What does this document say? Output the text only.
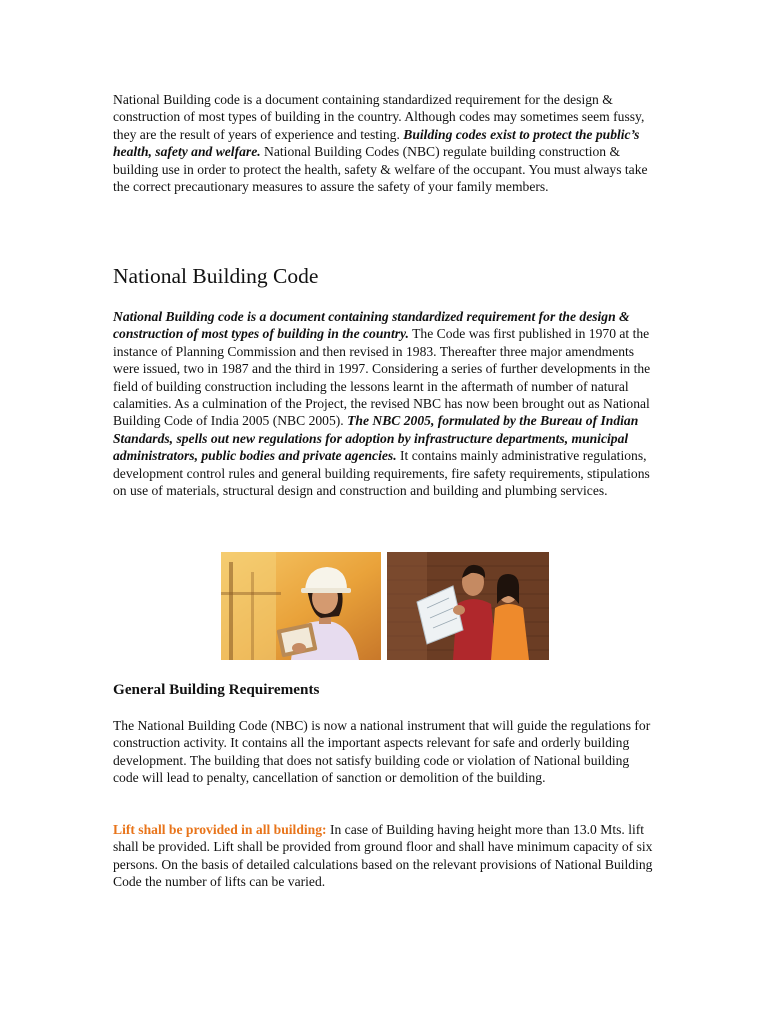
National Building code is a document containing standardized requirement for the design & construction of most types of building in the country. Although codes may sometimes seem fussy, they are the result of years of experience and testing. Building codes exist to protect the public’s health, safety and welfare. National Building Codes (NBC) regulate building construction & building use in order to protect the health, safety & welfare of the occupant. You must always take the correct precautionary measures to assure the safety of your family members.

National Building Code

National Building code is a document containing standardized requirement for the design & construction of most types of building in the country. The Code was first published in 1970 at the instance of Planning Commission and then revised in 1983. Thereafter three major amendments were issued, two in 1987 and the third in 1997. Considering a series of further developments in the field of building construction including the lessons learnt in the aftermath of number of natural calamities. As a culmination of the Project, the revised NBC has now been brought out as National Building Code of India 2005 (NBC 2005). The NBC 2005, formulated by the Bureau of Indian Standards, spells out new regulations for adoption by infrastructure departments, municipal administrators, public bodies and private agencies. It contains mainly administrative regulations, development control rules and general building requirements, fire safety requirements, stipulations on use of materials, structural design and construction and building and plumbing services.

General Building Requirements

The National Building Code (NBC) is now a national instrument that will guide the regulations for construction activity. It contains all the important aspects relevant for safe and orderly building development. The building that does not satisfy building code or violation of National building code will lead to penalty, cancellation of sanction or demolition of the building.

Lift shall be provided in all building: In case of Building having height more than 13.0 Mts. lift shall be provided. Lift shall be provided from ground floor and shall have minimum capacity of six persons. On the basis of detailed calculations based on the relevant provisions of National Building Code the number of lifts can be varied.
